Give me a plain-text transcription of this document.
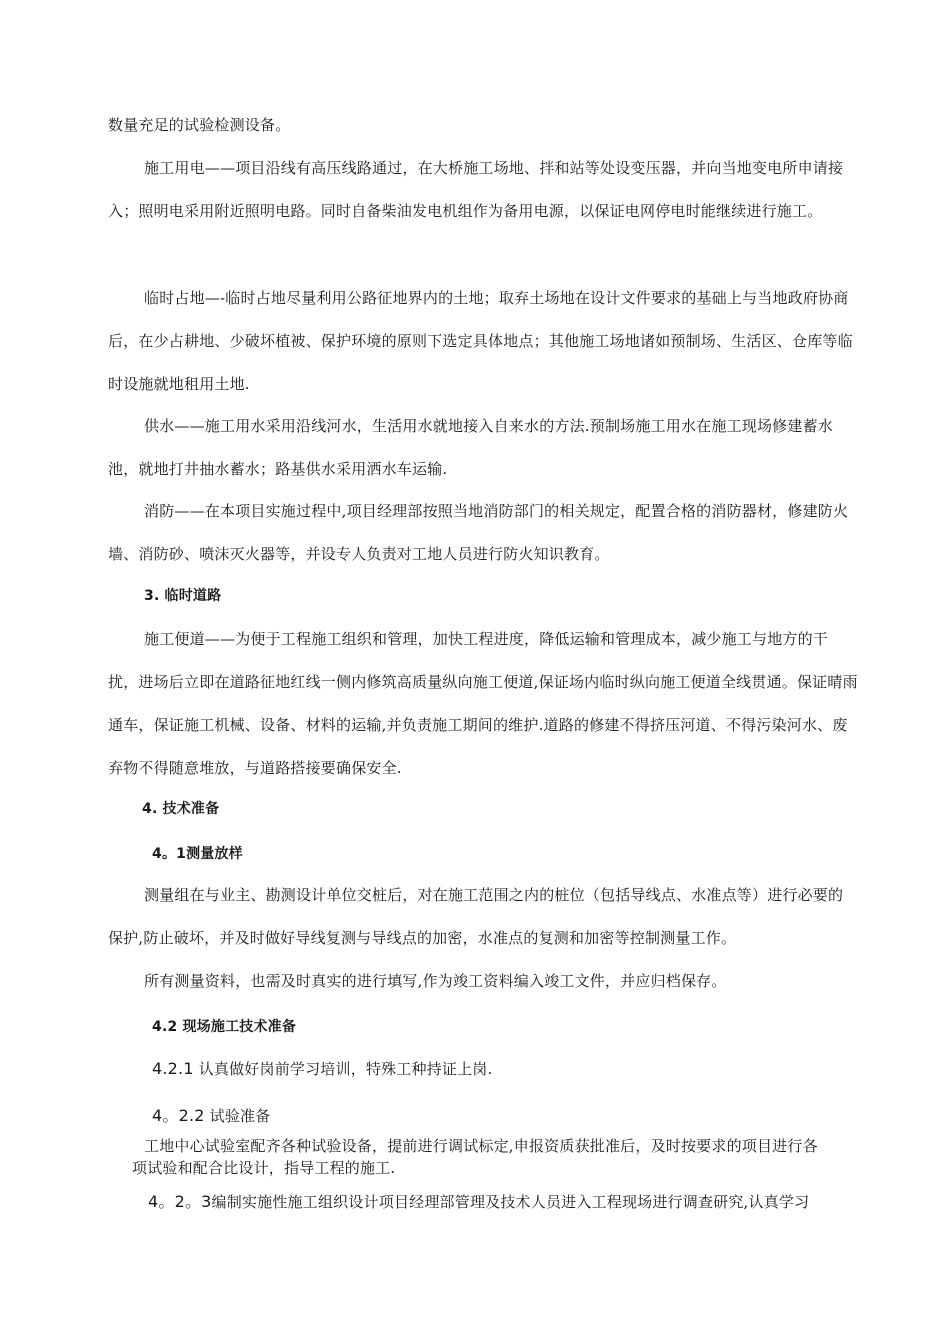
数量充足的试验检测设备。

施工用电——项目沿线有高压线路通过，在大桥施工场地、拌和站等处设变压器，并向当地变电所申请接入；照明电采用附近照明电路。同时自备柴油发电机组作为备用电源，以保证电网停电时能继续进行施工。

临时占地—-临时占地尽量利用公路征地界内的土地；取弃土场地在设计文件要求的基础上与当地政府协商后，在少占耕地、少破坏植被、保护环境的原则下选定具体地点；其他施工场地诸如预制场、生活区、仓库等临时设施就地租用土地.

供水——施工用水采用沿线河水，生活用水就地接入自来水的方法.预制场施工用水在施工现场修建蓄水池，就地打井抽水蓄水；路基供水采用洒水车运输.

消防——在本项目实施过程中,项目经理部按照当地消防部门的相关规定，配置合格的消防器材，修建防火墙、消防砂、喷沫灭火器等，并设专人负责对工地人员进行防火知识教育。

3. 临时道路

施工便道——为便于工程施工组织和管理，加快工程进度，降低运输和管理成本，减少施工与地方的干扰，进场后立即在道路征地红线一侧内修筑高质量纵向施工便道,保证场内临时纵向施工便道全线贯通。保证晴雨通车，保证施工机械、设备、材料的运输,并负责施工期间的维护.道路的修建不得挤压河道、不得污染河水、废弃物不得随意堆放，与道路搭接要确保安全.

4. 技术准备
4。1测量放样

测量组在与业主、勘测设计单位交桩后，对在施工范围之内的桩位（包括导线点、水准点等）进行必要的保护,防止破坏，并及时做好导线复测与导线点的加密，水准点的复测和加密等控制测量工作。

所有测量资料，也需及时真实的进行填写,作为竣工资料编入竣工文件，并应归档保存。

4.2 现场施工技术准备
4.2.1 认真做好岗前学习培训，特殊工种持证上岗.
4。2.2 试验准备
工地中心试验室配齐各种试验设备，提前进行调试标定,申报资质获批准后，及时按要求的项目进行各
项试验和配合比设计，指导工程的施工.
4。2。3编制实施性施工组织设计项目经理部管理及技术人员进入工程现场进行调查研究,认真学习
